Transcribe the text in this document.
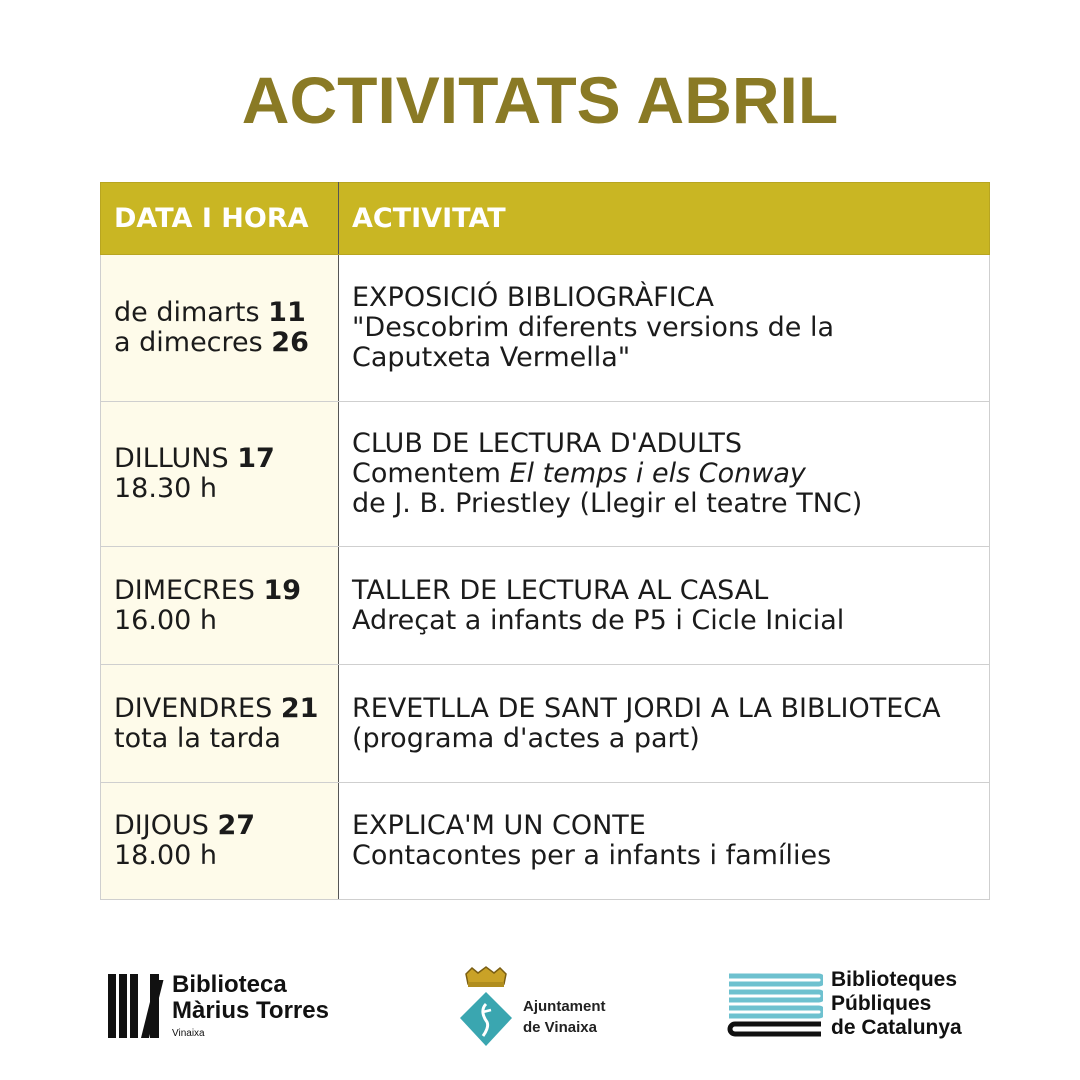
ACTIVITATS ABRIL
DATA I HORA	ACTIVITAT

de dimarts 11
a dimecres 26	EXPOSICIÓ BIBLIOGRÀFICA
"Descobrim diferents versions de la
Caputxeta Vermella"

DILLUNS 17
18.30 h	CLUB DE LECTURA D'ADULTS
Comentem El temps i els Conway
de J. B. Priestley (Llegir el teatre TNC)

DIMECRES 19
16.00 h	TALLER DE LECTURA AL CASAL
Adreçat a infants de P5 i Cicle Inicial

DIVENDRES 21
tota la tarda	REVETLLA DE SANT JORDI A LA BIBLIOTECA
(programa d'actes a part)

DIJOUS 27
18.00 h	EXPLICA'M UN CONTE
Contacontes per a infants i famílies
Biblioteca
Màrius Torres
Vinaixa
Ajuntament
de Vinaixa
Biblioteques
Públiques
de Catalunya
